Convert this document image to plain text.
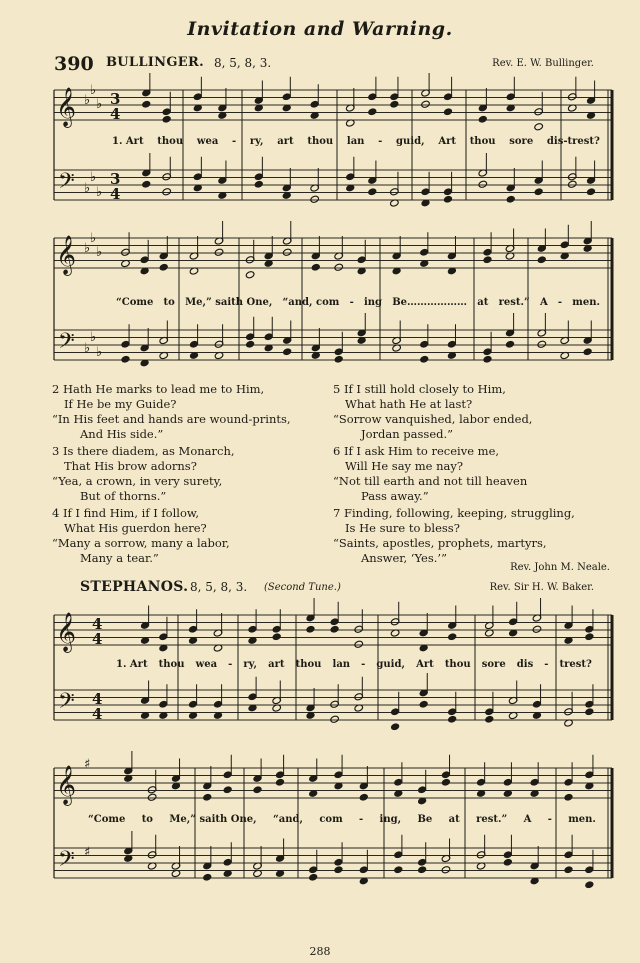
Invitation and Warning.
390 BULLINGER. 8, 5, 8, 3.	Rev. E. W. Bullinger.
𝄞
𝄢
♭
♭
♭
♭
♭
♭
3
4
3
4
𝄞
𝄢
♭
♭
♭
♭
♭
♭
𝄞
𝄢
4
4
4
4
𝄞
𝄢
♯
♯
1. Art thou wea - ry, art thou lan - guid, Art thou sore dis-trest?
“Come to Me,” saith One, “and, com - ing Be……………… at rest.” A - men.
2 Hath He marks to lead me to Him,
If He be my Guide?
“In His feet and hands are wound-prints,
And His side.”
3 Is there diadem, as Monarch,
That His brow adorns?
“Yea, a crown, in very surety,
But of thorns.”
4 If I find Him, if I follow,
What His guerdon here?
“Many a sorrow, many a labor,
Many a tear.”
5 If I still hold closely to Him,
What hath He at last?
“Sorrow vanquished, labor ended,
Jordan passed.”
6 If I ask Him to receive me,
Will He say me nay?
“Not till earth and not till heaven
Pass away.”
7 Finding, following, keeping, struggling,
Is He sure to bless?
“Saints, apostles, prophets, martyrs,
Answer, ‘Yes.’”
Rev. John M. Neale.
STEPHANOS. 8, 5, 8, 3. (Second Tune.)	Rev. Sir H. W. Baker.
1. Art thou wea - ry, art thou lan - guid, Art thou sore dis - trest?
“Come to Me,” saith One, “and, com - ing, Be at rest.” A - men.
288
